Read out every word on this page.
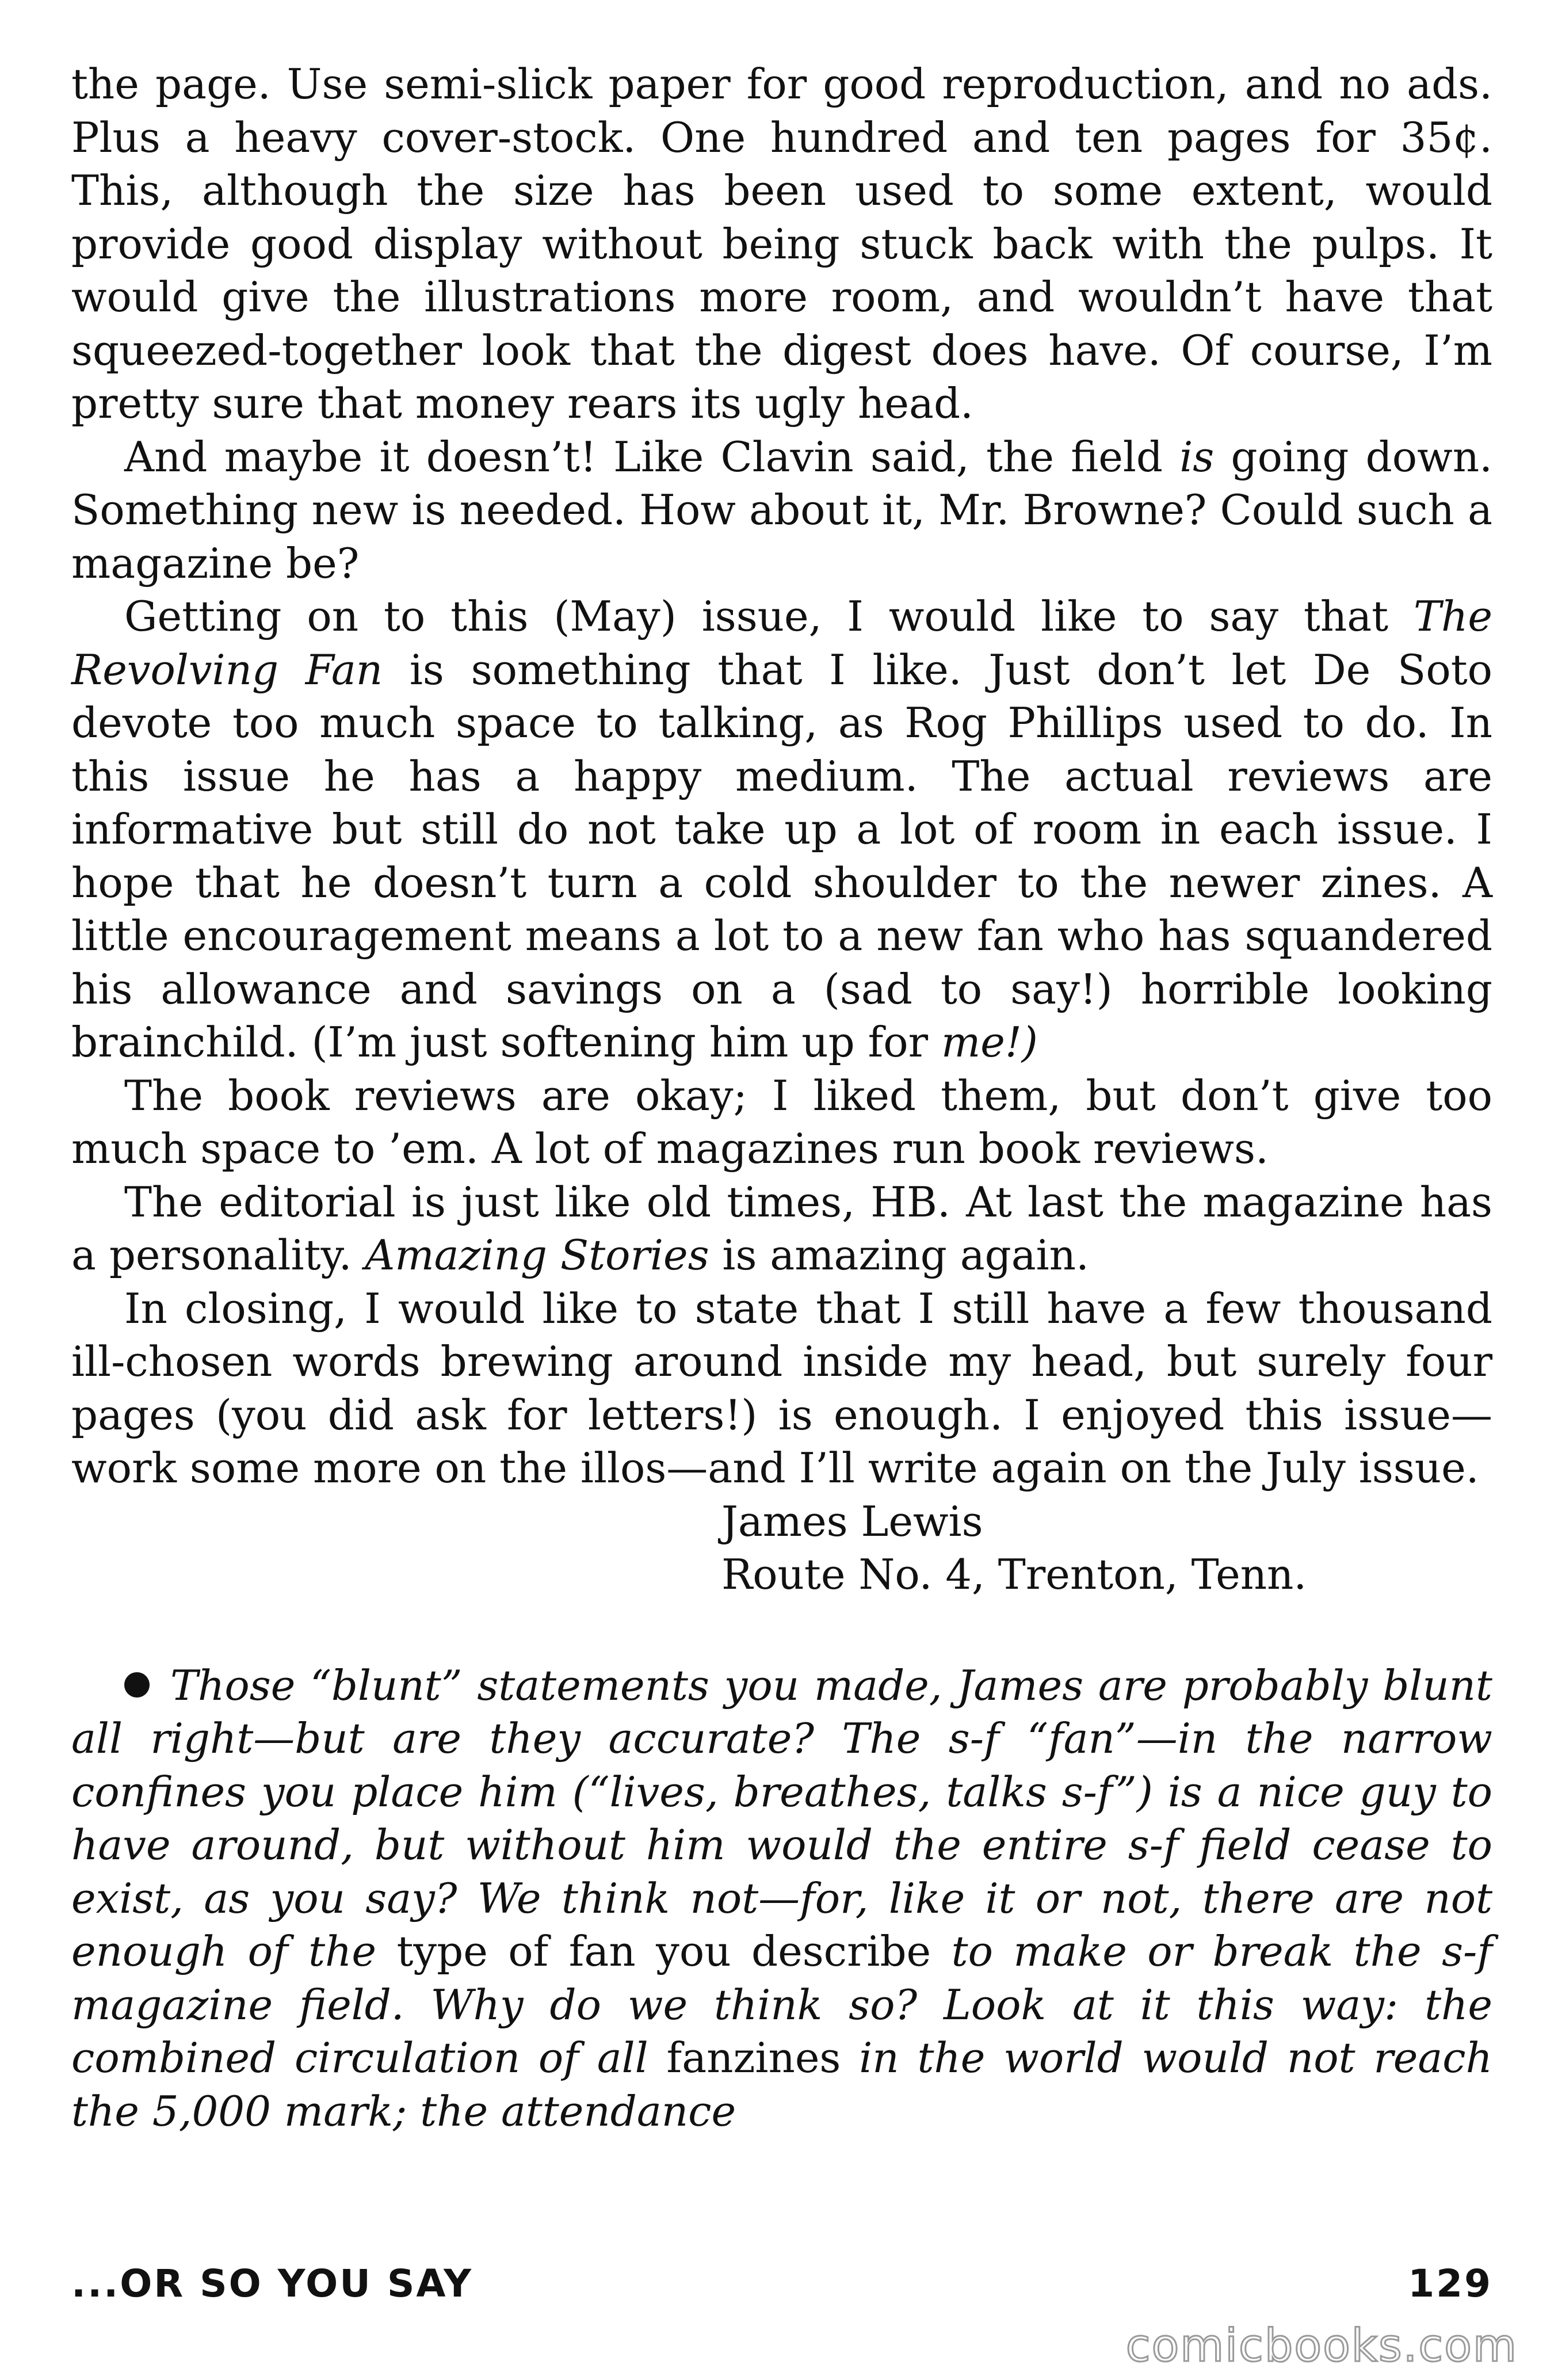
the page. Use semi-slick paper for good reproduction, and no ads. Plus a heavy cover-stock. One hundred and ten pages for 35¢. This, although the size has been used to some extent, would provide good display without being stuck back with the pulps. It would give the illustrations more room, and wouldn’t have that squeezed-together look that the digest does have. Of course, I’m pretty sure that money rears its ugly head.

And maybe it doesn’t! Like Clavin said, the field is going down. Something new is needed. How about it, Mr. Browne? Could such a magazine be?

Getting on to this (May) issue, I would like to say that The Revolving Fan is something that I like. Just don’t let De Soto devote too much space to talking, as Rog Phillips used to do. In this issue he has a happy medium. The actual reviews are informative but still do not take up a lot of room in each issue. I hope that he doesn’t turn a cold shoulder to the newer zines. A little encouragement means a lot to a new fan who has squandered his allowance and savings on a (sad to say!) horrible looking brainchild. (I’m just softening him up for me!)

The book reviews are okay; I liked them, but don’t give too much space to ’em. A lot of magazines run book reviews.

The editorial is just like old times, HB. At last the magazine has a personality. Amazing Stories is amazing again.

In closing, I would like to state that I still have a few thousand ill-chosen words brewing around inside my head, but surely four pages (you did ask for letters!) is enough. I enjoyed this issue—work some more on the illos—and I’ll write again on the July issue.

James Lewis

Route No. 4, Trenton, Tenn.

Those “blunt” statements you made, James are probably blunt all right—but are they accurate? The s-f “fan”—in the narrow confines you place him (“lives, breathes, talks s-f”) is a nice guy to have around, but without him would the entire s-f field cease to exist, as you say? We think not—for, like it or not, there are not enough of the type of fan you describe to make or break the s-f magazine field. Why do we think so? Look at it this way: the combined circulation of all fanzines in the world would not reach the 5,000 mark; the attendance
...OR SO YOU SAY	129
comicbooks.com
